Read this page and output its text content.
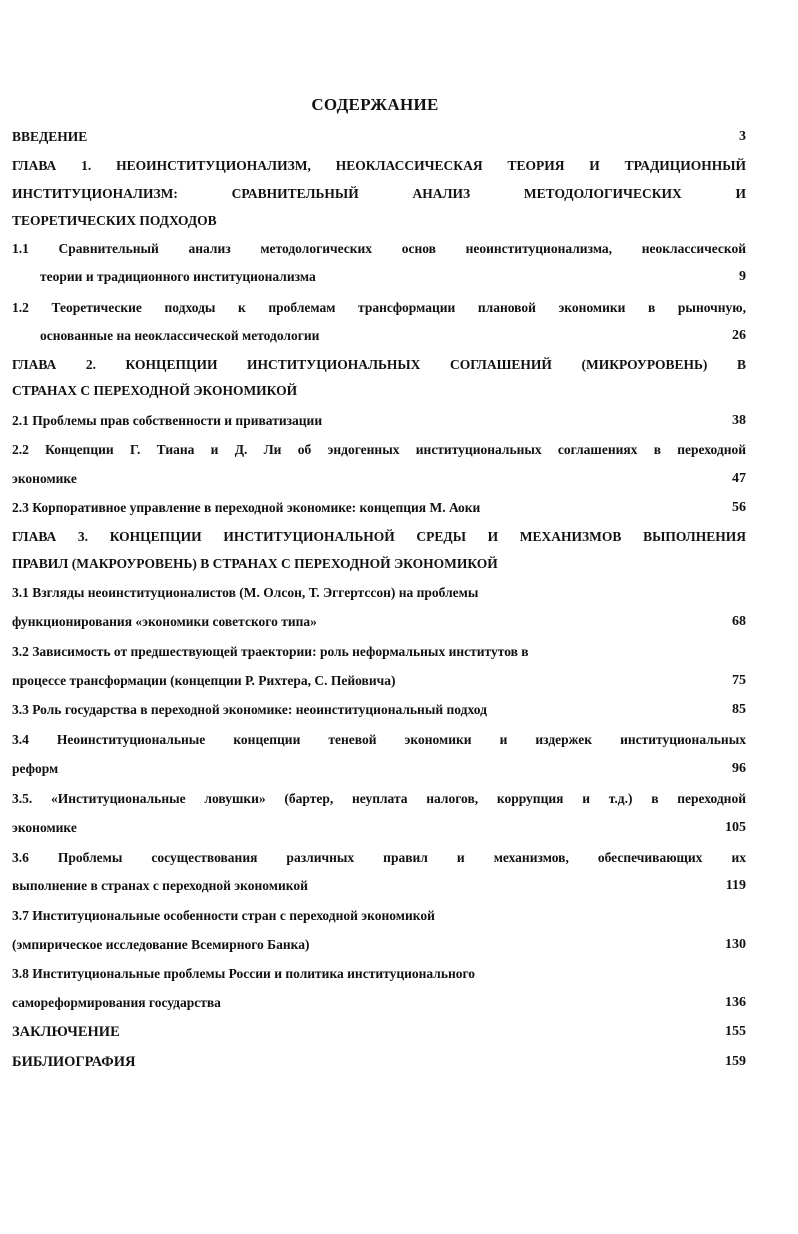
СОДЕРЖАНИЕ
ВВЕДЕНИЕ	3
ГЛАВА 1. НЕОИНСТИТУЦИОНАЛИЗМ, НЕОКЛАССИЧЕСКАЯ ТЕОРИЯ И ТРАДИЦИОННЫЙ
ИНСТИТУЦИОНАЛИЗМ: СРАВНИТЕЛЬНЫЙ АНАЛИЗ МЕТОДОЛОГИЧЕСКИХ И
ТЕОРЕТИЧЕСКИХ ПОДХОДОВ
1.1 Сравнительный анализ методологических основ неоинституционализма, неоклассической
теории и традиционного институционализма	9
1.2 Теоретические подходы к проблемам трансформации плановой экономики в рыночную,
основанные на неоклассической методологии	26
ГЛАВА 2. КОНЦЕПЦИИ ИНСТИТУЦИОНАЛЬНЫХ СОГЛАШЕНИЙ (МИКРОУРОВЕНЬ) В
СТРАНАХ С ПЕРЕХОДНОЙ ЭКОНОМИКОЙ
2.1 Проблемы прав собственности и приватизации	38
2.2 Концепции Г. Тиана и Д. Ли об эндогенных институциональных соглашениях в переходной
экономике	47
2.3 Корпоративное управление в переходной экономике: концепция М. Аоки	56
ГЛАВА 3. КОНЦЕПЦИИ ИНСТИТУЦИОНАЛЬНОЙ СРЕДЫ И МЕХАНИЗМОВ ВЫПОЛНЕНИЯ
ПРАВИЛ (МАКРОУРОВЕНЬ) В СТРАНАХ С ПЕРЕХОДНОЙ ЭКОНОМИКОЙ
3.1 Взгляды неоинституционалистов (М. Олсон, Т. Эггертссон) на проблемы
функционирования «экономики советского типа»	68
3.2 Зависимость от предшествующей траектории: роль неформальных институтов в
процессе трансформации (концепции Р. Рихтера, С. Пейовича)	75
3.3 Роль государства в переходной экономике: неоинституциональный подход	85
3.4 Неоинституциональные концепции теневой экономики и издержек институциональных
реформ	96
3.5. «Институциональные ловушки» (бартер, неуплата налогов, коррупция и т.д.) в переходной
экономике	105
3.6 Проблемы сосуществования различных правил и механизмов, обеспечивающих их
выполнение в странах с переходной экономикой	119
3.7 Институциональные особенности стран с переходной экономикой
(эмпирическое исследование Всемирного Банка)	130
3.8 Институциональные проблемы России и политика институционального
самореформирования государства	136
ЗАКЛЮЧЕНИЕ	155
БИБЛИОГРАФИЯ	159
